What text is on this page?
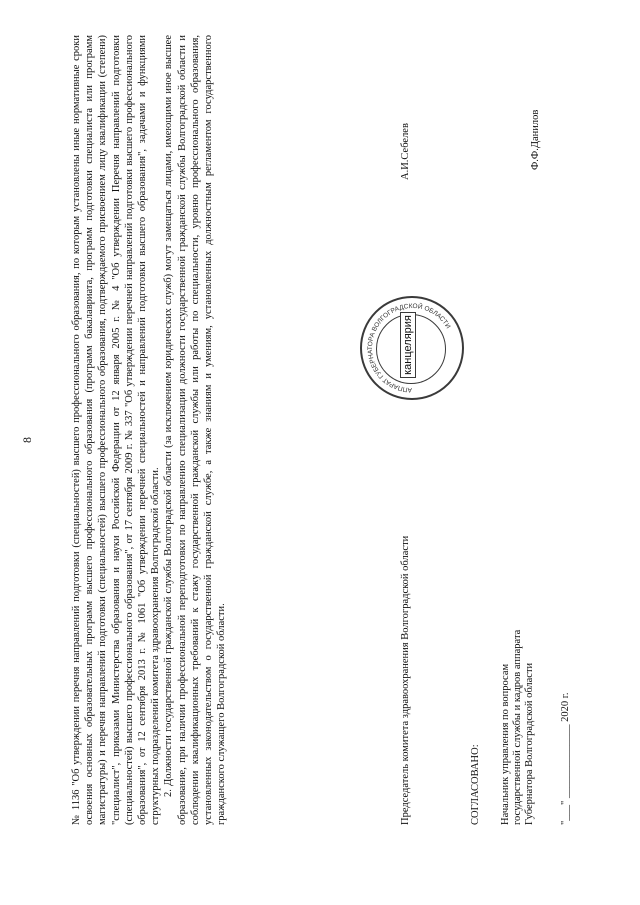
8	№ 1136 "Об утверждении перечня направлений подготовки (специальностей) высшего профессионального образования, по которым установлены иные нормативные сроки освоения основных образовательных программ высшего профессионального образования (программ бакалавриата, программ подготовки специалиста или программ магистратуры) и перечня направлений подготовки (специальностей) высшего профессионального образования, подтверждаемого присвоением лицу квалификации (степени) "специалист", приказами Министерства образования и науки Российской Федерации от 12 января 2005 г. № 4 "Об утверждении Перечня направлений подготовки (специальностей) высшего профессионального образования", от 17 сентября 2009 г. № 337 "Об утверждении перечней направлений подготовки высшего профессионального образования", от 12 сентября 2013 г. № 1061 "Об утверждении перечней специальностей и направлений подготовки высшего образования", задачами и функциями структурных подразделений комитета здравоохранения Волгоградской области. 2. Должности государственной гражданской службы Волгоградской области (за исключением юридических служб) могут замещаться лицами, имеющими иное высшее образование, при наличии профессиональной переподготовки по направлению специализации должности государственной гражданской службы Волгоградской области и соблюдении квалификационных требований к стажу государственной гражданской службы или работы по специальности, уровню профессионального образования, установленных законодательством о государственной гражданской службе, а также знаниям и умениям, установленных должностным регламентом государственного гражданского служащего Волгоградской области.	Председатель комитета здравоохранения Волгоградской области
А.И.Себелев
АППАРАТ ГУБЕРНАТОРА ВОЛГОГРАДСКОЙ ОБЛАСТИ
канцелярия
СОГЛАСОВАНО: Начальник управления по вопросам государственной службы и кадров аппарата Губернатора Волгоградской области
Ф.Ф.Данилов
"___" ______________ 2020 г.
